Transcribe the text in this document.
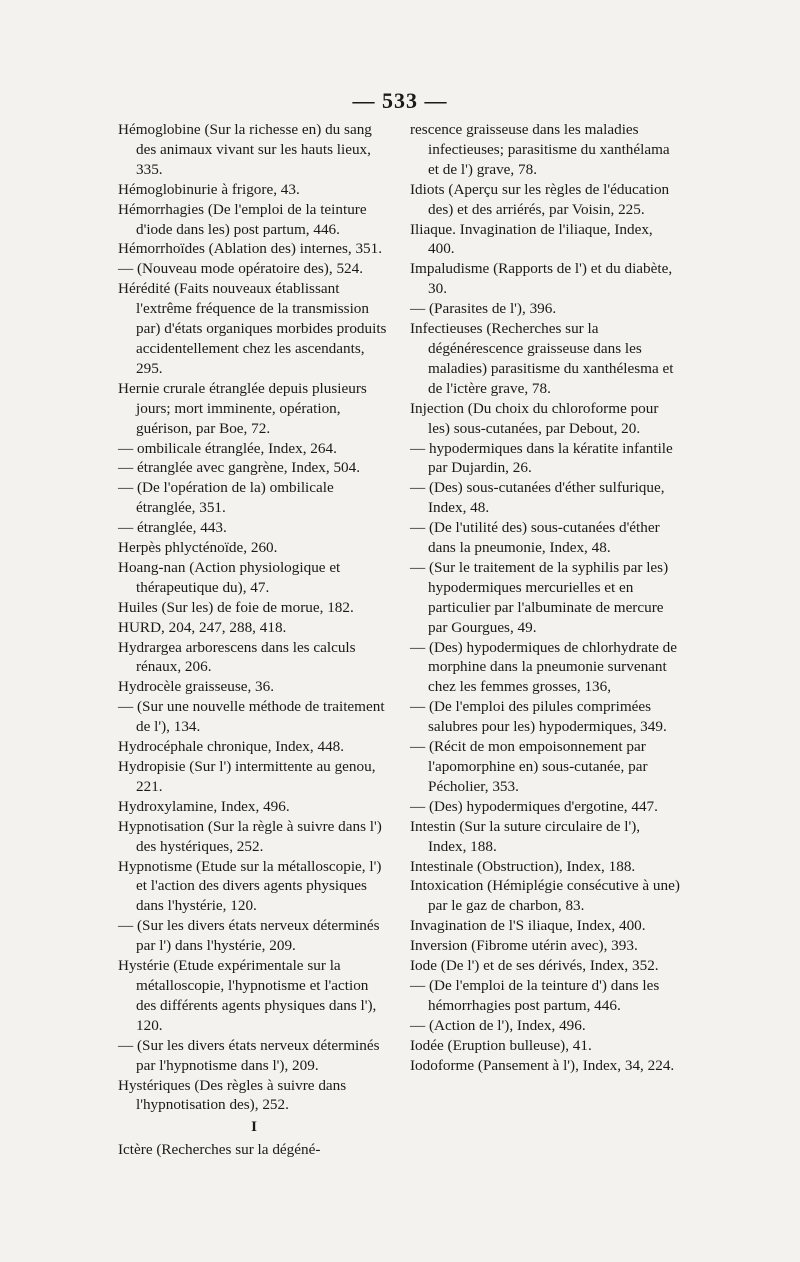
— 533 —

Hémoglobine (Sur la richesse en) du sang des animaux vivant sur les hauts lieux, 335.

Hémoglobinurie à frigore, 43.

Hémorrhagies (De l'emploi de la teinture d'iode dans les) post partum, 446.

Hémorrhoïdes (Ablation des) internes, 351.

— (Nouveau mode opératoire des), 524.

Hérédité (Faits nouveaux établissant l'extrême fréquence de la transmission par) d'états organiques morbides produits accidentellement chez les ascendants, 295.

Hernie crurale étranglée depuis plusieurs jours; mort imminente, opération, guérison, par Boe, 72.

— ombilicale étranglée, Index, 264.

— étranglée avec gangrène, Index, 504.

— (De l'opération de la) ombilicale étranglée, 351.

— étranglée, 443.

Herpès phlycténoïde, 260.

Hoang-nan (Action physiologique et thérapeutique du), 47.

Huiles (Sur les) de foie de morue, 182.

HURD, 204, 247, 288, 418.

Hydrargea arborescens dans les calculs rénaux, 206.

Hydrocèle graisseuse, 36.

— (Sur une nouvelle méthode de traitement de l'), 134.

Hydrocéphale chronique, Index, 448.

Hydropisie (Sur l') intermittente au genou, 221.

Hydroxylamine, Index, 496.

Hypnotisation (Sur la règle à suivre dans l') des hystériques, 252.

Hypnotisme (Etude sur la métalloscopie, l') et l'action des divers agents physiques dans l'hystérie, 120.

— (Sur les divers états nerveux déterminés par l') dans l'hystérie, 209.

Hystérie (Etude expérimentale sur la métalloscopie, l'hypnotisme et l'action des différents agents physiques dans l'), 120.

— (Sur les divers états nerveux déterminés par l'hypnotisme dans l'), 209.

Hystériques (Des règles à suivre dans l'hypnotisation des), 252.

I

Ictère (Recherches sur la dégéné-

rescence graisseuse dans les maladies infectieuses; parasitisme du xanthélama et de l') grave, 78.

Idiots (Aperçu sur les règles de l'éducation des) et des arriérés, par Voisin, 225.

Iliaque. Invagination de l'iliaque, Index, 400.

Impaludisme (Rapports de l') et du diabète, 30.

— (Parasites de l'), 396.

Infectieuses (Recherches sur la dégénérescence graisseuse dans les maladies) parasitisme du xanthélesma et de l'ictère grave, 78.

Injection (Du choix du chloroforme pour les) sous-cutanées, par Debout, 20.

— hypodermiques dans la kératite infantile par Dujardin, 26.

— (Des) sous-cutanées d'éther sulfurique, Index, 48.

— (De l'utilité des) sous-cutanées d'éther dans la pneumonie, Index, 48.

— (Sur le traitement de la syphilis par les) hypodermiques mercurielles et en particulier par l'albuminate de mercure par Gourgues, 49.

— (Des) hypodermiques de chlorhydrate de morphine dans la pneumonie survenant chez les femmes grosses, 136,

— (De l'emploi des pilules comprimées salubres pour les) hypodermiques, 349.

— (Récit de mon empoisonnement par l'apomorphine en) sous-cutanée, par Pécholier, 353.

— (Des) hypodermiques d'ergotine, 447.

Intestin (Sur la suture circulaire de l'), Index, 188.

Intestinale (Obstruction), Index, 188.

Intoxication (Hémiplégie consécutive à une) par le gaz de charbon, 83.

Invagination de l'S iliaque, Index, 400.

Inversion (Fibrome utérin avec), 393.

Iode (De l') et de ses dérivés, Index, 352.

— (De l'emploi de la teinture d') dans les hémorrhagies post partum, 446.

— (Action de l'), Index, 496.

Iodée (Eruption bulleuse), 41.

Iodoforme (Pansement à l'), Index, 34, 224.
